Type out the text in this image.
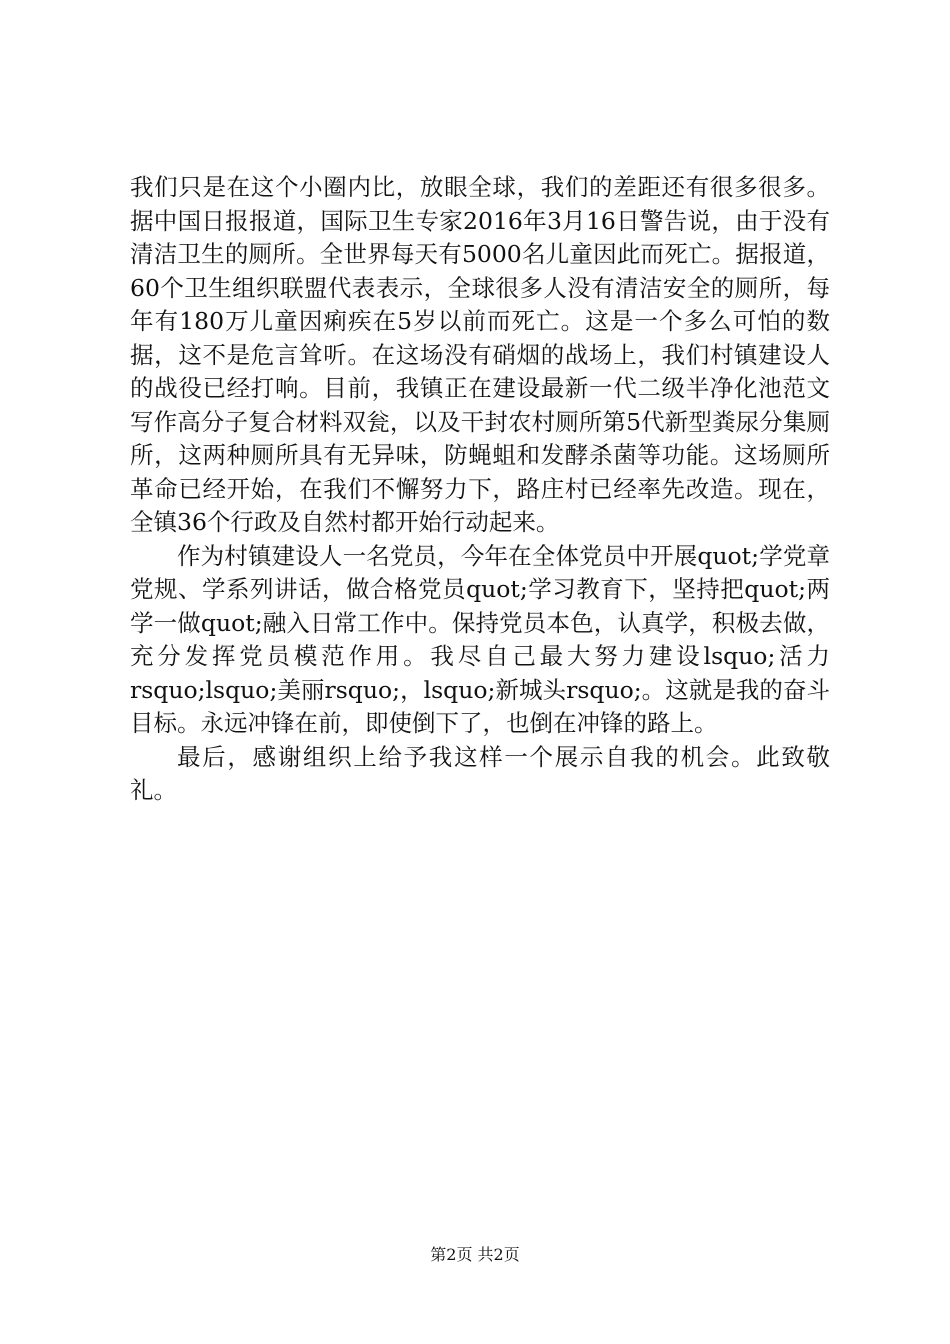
我们只是在这个小圈内比，放眼全球，我们的差距还有很多很多。据中国日报报道，国际卫生专家2016年3月16日警告说，由于没有清洁卫生的厕所。全世界每天有5000名儿童因此而死亡。据报道，60个卫生组织联盟代表表示，全球很多人没有清洁安全的厕所，每年有180万儿童因痢疾在5岁以前而死亡。这是一个多么可怕的数据，这不是危言耸听。在这场没有硝烟的战场上，我们村镇建设人的战役已经打响。目前，我镇正在建设最新一代二级半净化池范文写作高分子复合材料双瓮，以及干封农村厕所第5代新型粪尿分集厕所，这两种厕所具有无异味，防蝇蛆和发酵杀菌等功能。这场厕所革命已经开始，在我们不懈努力下，路庄村已经率先改造。现在，全镇36个行政及自然村都开始行动起来。

作为村镇建设人一名党员，今年在全体党员中开展quot;学党章党规、学系列讲话，做合格党员quot;学习教育下，坚持把quot;两学一做quot;融入日常工作中。保持党员本色，认真学，积极去做，充分发挥党员模范作用。我尽自己最大努力建设lsquo;活力rsquo;lsquo;美丽rsquo;，lsquo;新城头rsquo;。这就是我的奋斗目标。永远冲锋在前，即使倒下了，也倒在冲锋的路上。

最后，感谢组织上给予我这样一个展示自我的机会。此致敬礼。

第2页 共2页
